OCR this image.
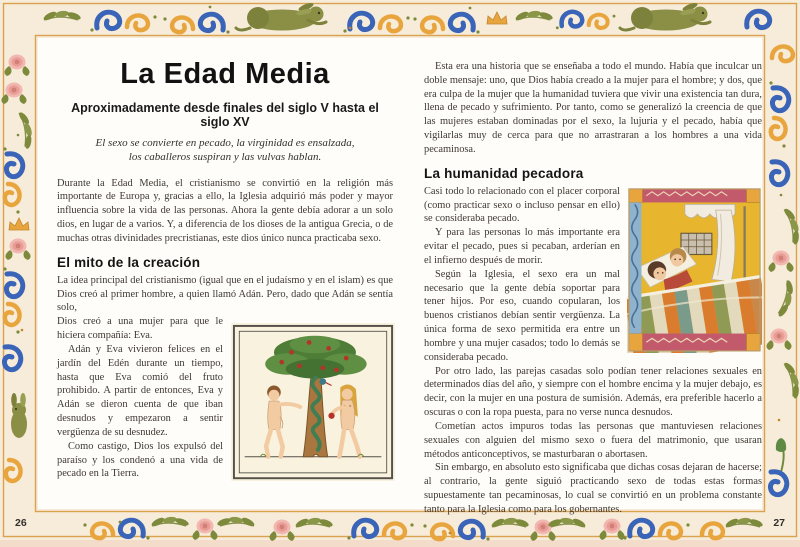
La Edad Media
Aproximadamente desde finales del siglo V hasta el siglo XV
El sexo se convierte en pecado, la virginidad es ensalzada,
los caballeros suspiran y las vulvas hablan.

Durante la Edad Media, el cristianismo se convirtió en la religión más importante de Europa y, gracias a ello, la Iglesia adquirió más poder y mayor influencia sobre la vida de las personas. Ahora la gente debía adorar a un solo dios, en lugar de a varios. Y, a diferencia de los dioses de la antigua Grecia, o de muchas otras divinidades precristianas, este dios único nunca practicaba sexo.

El mito de la creación

La idea principal del cristianismo (igual que en el judaísmo y en el islam) es que Dios creó al primer hombre, a quien llamó Adán. Pero, dado que Adán se sentía solo,

Dios creó a una mujer para que le hiciera compañía: Eva.

Adán y Eva vivieron felices en el jardín del Edén durante un tiempo, hasta que Eva comió del fruto prohibido. A partir de entonces, Eva y Adán se dieron cuenta de que iban desnudos y empezaron a sentir vergüenza de su desnudez.

Como castigo, Dios los expulsó del paraíso y los condenó a una vida de pecado en la Tierra.

Esta era una historia que se enseñaba a todo el mundo. Había que inculcar un doble mensaje: uno, que Dios había creado a la mujer para el hombre; y dos, que era culpa de la mujer que la humanidad tuviera que vivir una existencia tan dura, llena de pecado y sufrimiento. Por tanto, como se generalizó la creencia de que las mujeres estaban dominadas por el sexo, la lujuria y el pecado, había que vigilarlas muy de cerca para que no arrastraran a los hombres a una vida pecaminosa.

La humanidad pecadora

Casi todo lo relacionado con el placer corporal (como practicar sexo o incluso pensar en ello) se consideraba pecado.

Y para las personas lo más importante era evitar el pecado, pues si pecaban, arderían en el infierno después de morir.

Según la Iglesia, el sexo era un mal necesario que la gente debía soportar para tener hijos. Por eso, cuando copularan, los buenos cristianos debían sentir vergüenza. La única forma de sexo permitida era entre un hombre y una mujer casados; todo lo demás se consideraba pecado.

Por otro lado, las parejas casadas solo podían tener relaciones sexuales en determinados días del año, y siempre con el hombre encima y la mujer debajo, es decir, con la mujer en una postura de sumisión. Además, era preferible hacerlo a oscuras o con la ropa puesta, para no verse nunca desnudos.

Cometían actos impuros todas las personas que mantuviesen relaciones sexuales con alguien del mismo sexo o fuera del matrimonio, que usaran métodos anticonceptivos, se masturbaran o abortasen.

Sin embargo, en absoluto esto significaba que dichas cosas dejaran de hacerse; al contrario, la gente siguió practicando sexo de todas estas formas supuestamente tan pecaminosas, lo cual se convirtió en un problema constante tanto para la Iglesia como para los gobernantes.

26	27
